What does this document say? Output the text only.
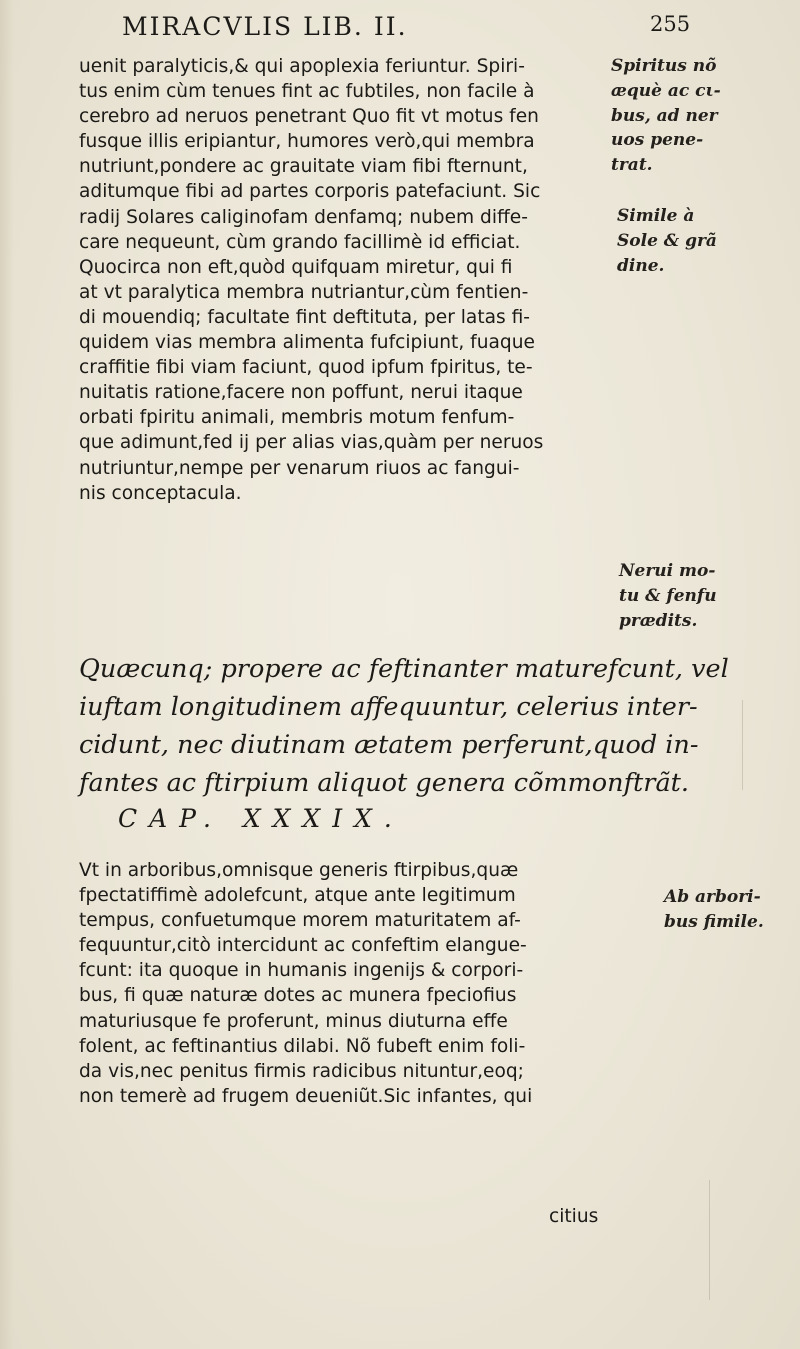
MIRACVLIS LIB. II.	255
uenit paralyticis,& qui apoplexia feriuntur. Spiri-
tus enim cùm tenues fint ac fubtiles, non facile à
cerebro ad neruos penetrant Quo fit vt motus fen
fusque illis eripiantur, humores verò,qui membra
nutriunt,pondere ac grauitate viam fibi fternunt,
aditumque fibi ad partes corporis patefaciunt. Sic
radij Solares caliginofam denfamq; nubem diffe-
care nequeunt, cùm grando facillimè id efficiat.
Quocirca non eft,quòd quifquam miretur, qui fi
at vt paralytica membra nutriantur,cùm fentien-
di mouendiq; facultate fint deftituta, per latas fi-
quidem vias membra alimenta fufcipiunt, fuaque
craffitie fibi viam faciunt, quod ipfum fpiritus, te-
nuitatis ratione,facere non poffunt, nerui itaque
orbati fpiritu animali, membris motum fenfum-
que adimunt,fed ij per alias vias,quàm per neruos
nutriuntur,nempe per venarum riuos ac fangui-
nis conceptacula.
Spiritus nõ
æquè ac cι-
bus, ad ner
uos pene-
trat.
Simile à
Sole & grã
dine.
Nerui mo-
tu & fenfu
prædits.
Ab arbori-
bus fimile.
Quæcunq; propere ac feftinanter maturefcunt, vel
iuftam longitudinem affequuntur, celerius inter-
cidunt, nec diutinam ætatem perferunt,quod in-
fantes ac ftirpium aliquot genera cõmmonftrãt.
CAP. XXXIX.
Vt in arboribus,omnisque generis ftirpibus,quæ
fpectatiffimè adolefcunt, atque ante legitimum
tempus, confuetumque morem maturitatem af-
fequuntur,citò intercidunt ac confeftim elangue-
fcunt: ita quoque in humanis ingenijs & corpori-
bus, fi quæ naturæ dotes ac munera fpeciofius
maturiusque fe proferunt, minus diuturna effe
folent, ac feftinantius dilabi. Nõ fubeft enim foli-
da vis,nec penitus firmis radicibus nituntur,eoq;
non temerè ad frugem deueniũt.Sic infantes, qui
citius
